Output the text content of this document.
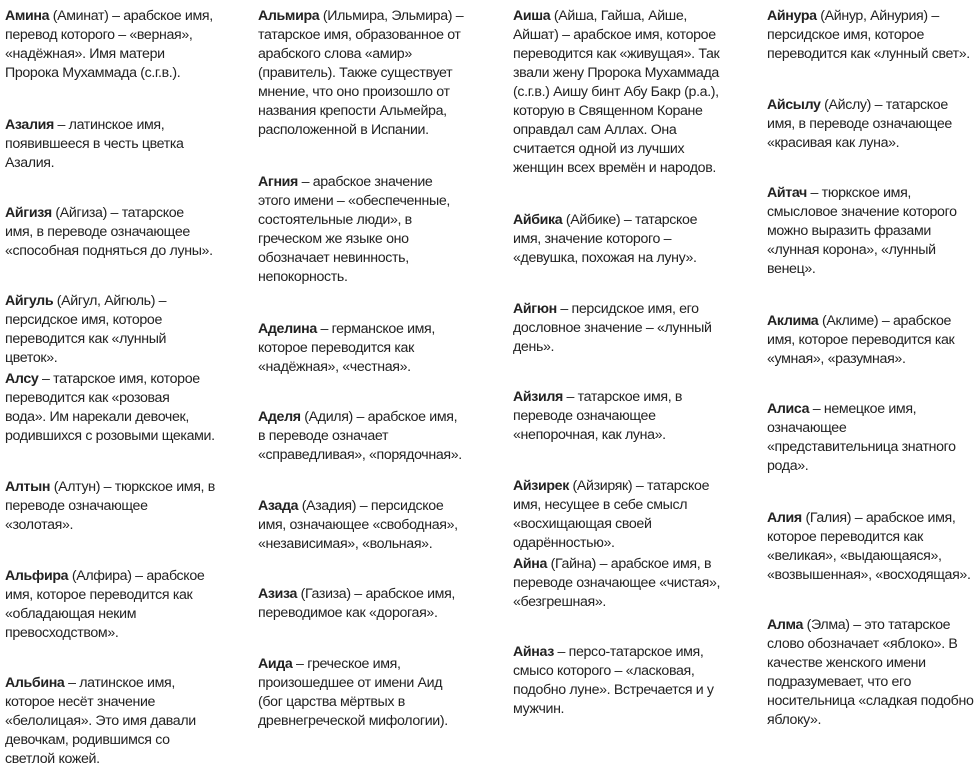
Амина (Аминат) – арабское имя,
перевод которого – «верная»,
«надёжная». Имя матери
Пророка Мухаммада (с.г.в.).

Азалия – латинское имя,
появившееся в честь цветка
Азалия.

Айгизя (Айгиза) – татарское
имя, в переводе означающее
«способная подняться до луны».

Айгуль (Айгул, Айгюль) –
персидское имя, которое
переводится как «лунный
цветок».

Алсу – татарское имя, которое
переводится как «розовая
вода». Им нарекали девочек,
родившихся с розовыми щеками.

Алтын (Алтун) – тюркское имя, в
переводе означающее
«золотая».

Альфира (Алфира) – арабское
имя, которое переводится как
«обладающая неким
превосходством».

Альбина – латинское имя,
которое несёт значение
«белолицая». Это имя давали
девочкам, родившимся со
светлой кожей.

Альмира (Ильмира, Эльмира) –
татарское имя, образованное от
арабского слова «амир»
(правитель). Также существует
мнение, что оно произошло от
названия крепости Альмейра,
расположенной в Испании.

Агния – арабское значение
этого имени – «обеспеченные,
состоятельные люди», в
греческом же языке оно
обозначает невинность,
непокорность.

Аделина – германское имя,
которое переводится как
«надёжная», «честная».

Аделя (Адиля) – арабское имя,
в переводе означает
«справедливая», «порядочная».

Азада (Азадия) – персидское
имя, означающее «свободная»,
«независимая», «вольная».

Азиза (Газиза) – арабское имя,
переводимое как «дорогая».

Аида – греческое имя,
произошедшее от имени Аид
(бог царства мёртвых в
древнегреческой мифологии).

Аиша (Айша, Гайша, Айше,
Айшат) – арабское имя, которое
переводится как «живущая». Так
звали жену Пророка Мухаммада
(с.г.в.) Аишу бинт Абу Бакр (р.а.),
которую в Священном Коране
оправдал сам Аллах. Она
считается одной из лучших
женщин всех времён и народов.

Айбика (Айбике) – татарское
имя, значение которого –
«девушка, похожая на луну».

Айгюн – персидское имя, его
дословное значение – «лунный
день».

Айзиля – татарское имя, в
переводе означающее
«непорочная, как луна».

Айзирек (Айзиряк) – татарское
имя, несущее в себе смысл
«восхищающая своей
одарённостью».

Айна (Гайна) – арабское имя, в
переводе означающее «чистая»,
«безгрешная».

Айназ – персо-татарское имя,
смысо которого – «ласковая,
подобно луне». Встречается и у
мужчин.

Айнура (Айнур, Айнурия) –
персидское имя, которое
переводится как «лунный свет».

Айсылу (Айслу) – татарское
имя, в переводе означающее
«красивая как луна».

Айтач – тюркское имя,
смысловое значение которого
можно выразить фразами
«лунная корона», «лунный
венец».

Аклима (Аклиме) – арабское
имя, которое переводится как
«умная», «разумная».

Алиса – немецкое имя,
означающее
«представительница знатного
рода».

Алия (Галия) – арабское имя,
которое переводится как
«великая», «выдающаяся»,
«возвышенная», «восходящая».

Алма (Элма) – это татарское
слово обозначает «яблоко». В
качестве женского имени
подразумевает, что его
носительница «сладкая подобно
яблоку».
